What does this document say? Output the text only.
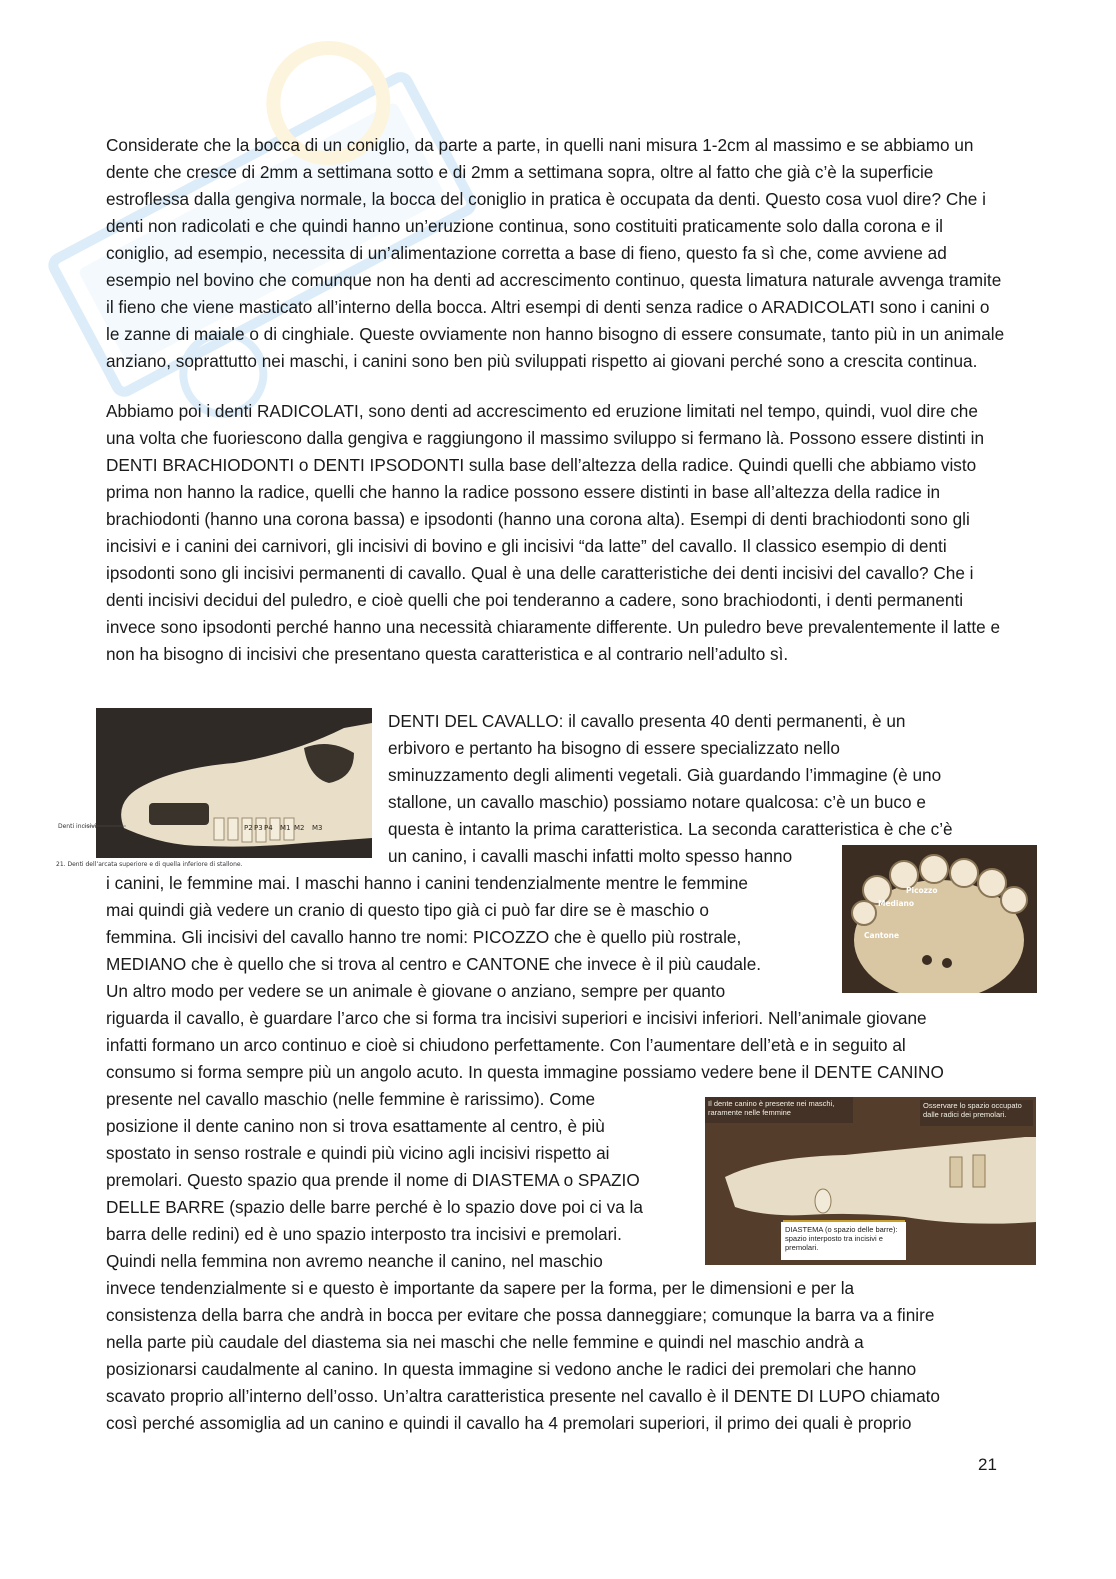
Considerate che la bocca di un coniglio, da parte a parte, in quelli nani misura 1-2cm al massimo e se abbiamo un dente che cresce di 2mm a settimana sotto e di 2mm a settimana sopra, oltre al fatto che già c’è la superficie estroflessa dalla gengiva normale, la bocca del coniglio in pratica è occupata da denti. Questo cosa vuol dire? Che i denti non radicolati e che quindi hanno un’eruzione continua, sono costituiti praticamente solo dalla corona e il coniglio, ad esempio, necessita di un’alimentazione corretta a base di fieno, questo fa sì che, come avviene ad esempio nel bovino che comunque non ha denti ad accrescimento continuo, questa limatura naturale avvenga tramite il fieno che viene masticato all’interno della bocca. Altri esempi di denti senza radice o ARADICOLATI sono i canini o le zanne di maiale o di cinghiale. Queste ovviamente non hanno bisogno di essere consumate, tanto più in un animale anziano, soprattutto nei maschi, i canini sono ben più sviluppati rispetto ai giovani perché sono a crescita continua.

Abbiamo poi i denti RADICOLATI, sono denti ad accrescimento ed eruzione limitati nel tempo, quindi, vuol dire che una volta che fuoriescono dalla gengiva e raggiungono il massimo sviluppo si fermano là. Possono essere distinti in DENTI BRACHIODONTI o DENTI IPSODONTI sulla base dell’altezza della radice. Quindi quelli che abbiamo visto prima non hanno la radice, quelli che hanno la radice possono essere distinti in base all’altezza della radice in brachiodonti (hanno una corona bassa) e ipsodonti (hanno una corona alta). Esempi di denti brachiodonti sono gli incisivi e i canini dei carnivori, gli incisivi di bovino e gli incisivi “da latte” del cavallo. Il classico esempio di denti ipsodonti sono gli incisivi permanenti di cavallo. Qual è una delle caratteristiche dei denti incisivi del cavallo? Che i denti incisivi decidui del puledro, e cioè quelli che poi tenderanno a cadere, sono brachiodonti, i denti permanenti invece sono ipsodonti perché hanno una necessità chiaramente differente. Un puledro beve prevalentemente il latte e non ha bisogno di incisivi che presentano questa caratteristica e al contrario nell’adulto sì.

P2 P3 P4 M1 M2 M3
Denti incisivi
21. Denti dell’arcata superiore e di quella inferiore di stallone.
Picozzo
Mediano
Cantone
Il dente canino è presente nei maschi, raramente nelle femmine
Osservare lo spazio occupato dalle radici dei premolari.
DIASTEMA (o spazio delle barre): spazio interposto tra incisivi e premolari.
DENTI DEL CAVALLO: il cavallo presenta 40 denti permanenti, è un
erbivoro e pertanto ha bisogno di essere specializzato nello
sminuzzamento degli alimenti vegetali. Già guardando l’immagine (è uno
stallone, un cavallo maschio) possiamo notare qualcosa: c’è un buco e
questa è intanto la prima caratteristica. La seconda caratteristica è che c’è
un canino, i cavalli maschi infatti molto spesso hanno
i canini, le femmine mai. I maschi hanno i canini tendenzialmente mentre le femmine
mai quindi già vedere un cranio di questo tipo già ci può far dire se è maschio o
femmina. Gli incisivi del cavallo hanno tre nomi: PICOZZO che è quello più rostrale,
MEDIANO che è quello che si trova al centro e CANTONE che invece è il più caudale.
Un altro modo per vedere se un animale è giovane o anziano, sempre per quanto
riguarda il cavallo, è guardare l’arco che si forma tra incisivi superiori e incisivi inferiori. Nell’animale giovane
infatti formano un arco continuo e cioè si chiudono perfettamente. Con l’aumentare dell’età e in seguito al
consumo si forma sempre più un angolo acuto. In questa immagine possiamo vedere bene il DENTE CANINO
presente nel cavallo maschio (nelle femmine è rarissimo). Come
posizione il dente canino non si trova esattamente al centro, è più
spostato in senso rostrale e quindi più vicino agli incisivi rispetto ai
premolari. Questo spazio qua prende il nome di DIASTEMA o SPAZIO
DELLE BARRE (spazio delle barre perché è lo spazio dove poi ci va la
barra delle redini) ed è uno spazio interposto tra incisivi e premolari.
Quindi nella femmina non avremo neanche il canino, nel maschio
invece tendenzialmente si e questo è importante da sapere per la forma, per le dimensioni e per la
consistenza della barra che andrà in bocca per evitare che possa danneggiare; comunque la barra va a finire
nella parte più caudale del diastema sia nei maschi che nelle femmine e quindi nel maschio andrà a
posizionarsi caudalmente al canino. In questa immagine si vedono anche le radici dei premolari che hanno
scavato proprio all’interno dell’osso. Un’altra caratteristica presente nel cavallo è il DENTE DI LUPO chiamato
così perché assomiglia ad un canino e quindi il cavallo ha 4 premolari superiori, il primo dei quali è proprio
21
